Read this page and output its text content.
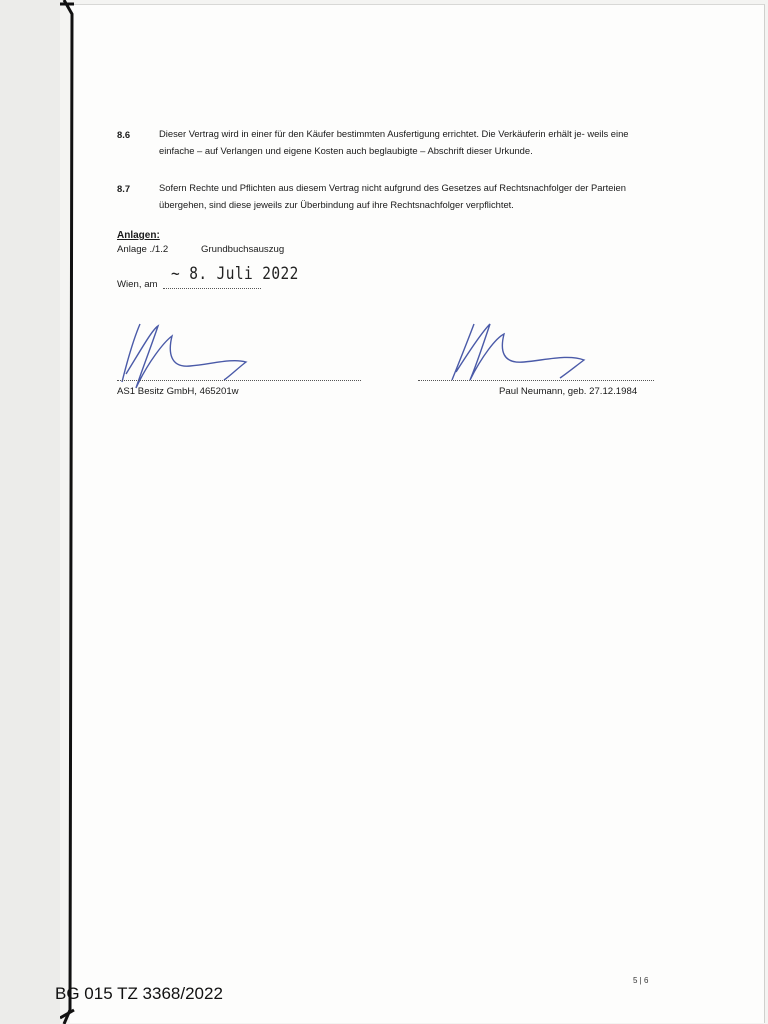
8.6	Dieser Vertrag wird in einer für den Käufer bestimmten Ausfertigung errichtet. Die Verkäuferin erhält je- weils eine einfache – auf Verlangen und eigene Kosten auch beglaubigte – Abschrift dieser Urkunde.
8.7	Sofern Rechte und Pflichten aus diesem Vertrag nicht aufgrund des Gesetzes auf Rechtsnachfolger der Parteien übergehen, sind diese jeweils zur Überbindung auf ihre Rechtsnachfolger verpflichtet.
Anlagen:
Anlage ./1.2	Grundbuchsauszug
Wien, am
~ 8. Juli 2022
AS1 Besitz GmbH, 465201w	Paul Neumann, geb. 27.12.1984
5 | 6
BG 015 TZ 3368/2022
